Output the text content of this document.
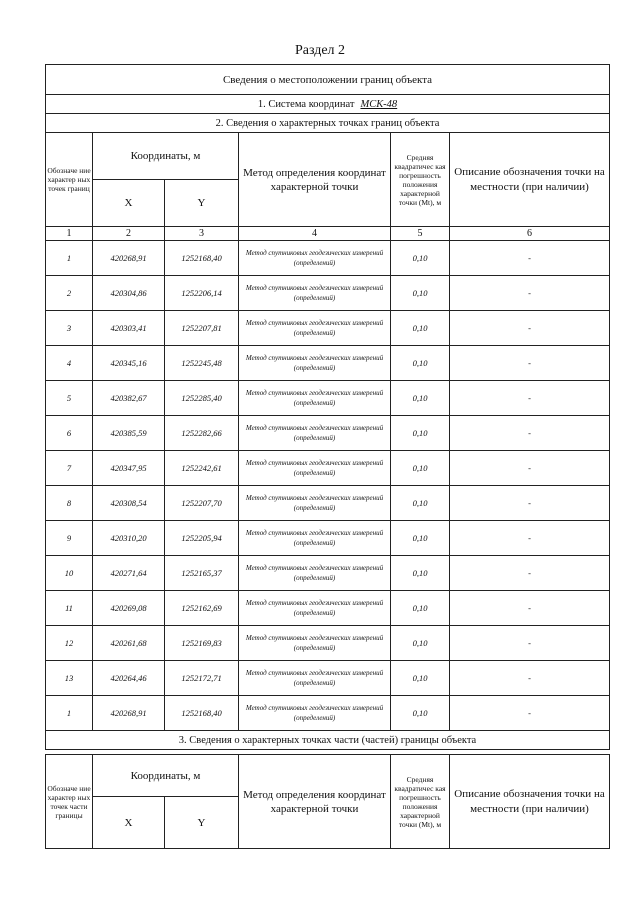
Раздел 2
Сведения о местоположении границ объекта					
1. Система координат МСК-48					
2. Сведения о характерных точках границ объекта					
Обозначе ние характер ных точек границ	Координаты, м		Метод определения координат характерной точки	Средняя квадратичес кая погрешность положения характерной точки (Mt), м	Описание обозначения точки на местности (при наличии)
	X	Y			
1	2	3	4	5	6
1	420268,91	1252168,40	Метод спутниковых геодезических измерений (определений)	0,10	-
2	420304,86	1252206,14	Метод спутниковых геодезических измерений (определений)	0,10	-
3	420303,41	1252207,81	Метод спутниковых геодезических измерений (определений)	0,10	-
4	420345,16	1252245,48	Метод спутниковых геодезических измерений (определений)	0,10	-
5	420382,67	1252285,40	Метод спутниковых геодезических измерений (определений)	0,10	-
6	420385,59	1252282,66	Метод спутниковых геодезических измерений (определений)	0,10	-
7	420347,95	1252242,61	Метод спутниковых геодезических измерений (определений)	0,10	-
8	420308,54	1252207,70	Метод спутниковых геодезических измерений (определений)	0,10	-
9	420310,20	1252205,94	Метод спутниковых геодезических измерений (определений)	0,10	-
10	420271,64	1252165,37	Метод спутниковых геодезических измерений (определений)	0,10	-
11	420269,08	1252162,69	Метод спутниковых геодезических измерений (определений)	0,10	-
12	420261,68	1252169,83	Метод спутниковых геодезических измерений (определений)	0,10	-
13	420264,46	1252172,71	Метод спутниковых геодезических измерений (определений)	0,10	-
1	420268,91	1252168,40	Метод спутниковых геодезических измерений (определений)	0,10	-
3. Сведения о характерных точках части (частей) границы объекта					
Обозначе ние характер ных точек части границы	Координаты, м		Метод определения координат характерной точки	Средняя квадратичес кая погрешность положения характерной точки (Mt), м	Описание обозначения точки на местности (при наличии)
	X	Y			
